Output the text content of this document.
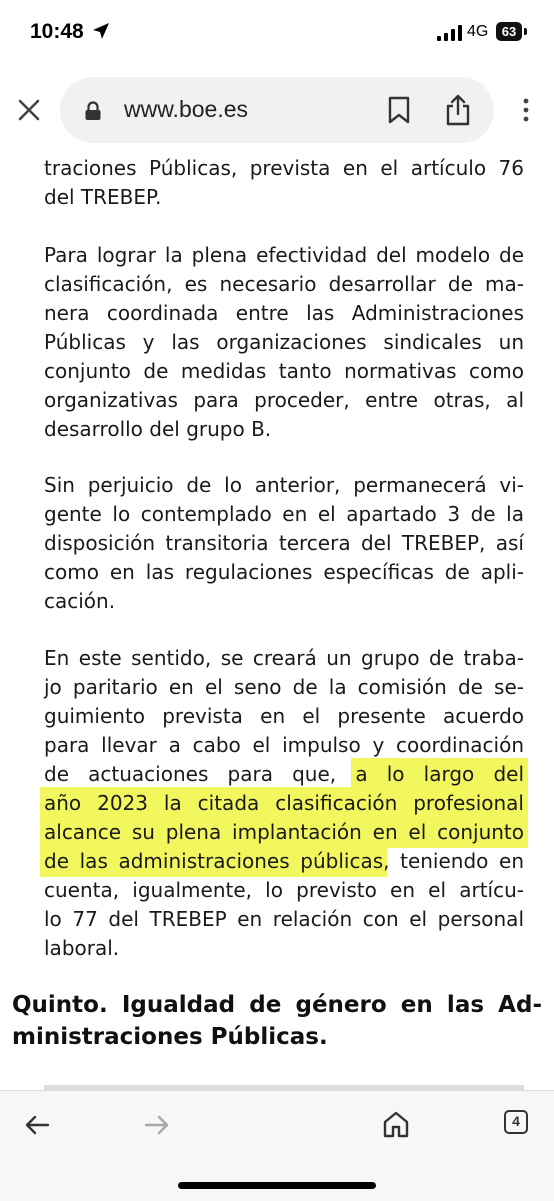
10:48	4G	63
www.boe.es

traciones Públicas, prevista en el artículo 76
del TREBEP.

Para lograr la plena efectividad del modelo de
clasificación, es necesario desarrollar de ma-
nera coordinada entre las Administraciones
Públicas y las organizaciones sindicales un
conjunto de medidas tanto normativas como
organizativas para proceder, entre otras, al
desarrollo del grupo B.

Sin perjuicio de lo anterior, permanecerá vi-
gente lo contemplado en el apartado 3 de la
disposición transitoria tercera del TREBEP, así
como en las regulaciones específicas de apli-
cación.

En este sentido, se creará un grupo de traba-
jo paritario en el seno de la comisión de se-
guimiento prevista en el presente acuerdo
para llevar a cabo el impulso y coordinación
de actuaciones para que, a lo largo del
año 2023 la citada clasificación profesional
alcance su plena implantación en el conjunto
de las administraciones públicas, teniendo en
cuenta, igualmente, lo previsto en el artícu-
lo 77 del TREBEP en relación con el personal
laboral.

Quinto. Igualdad de género en las Ad-
ministraciones Públicas.
4
